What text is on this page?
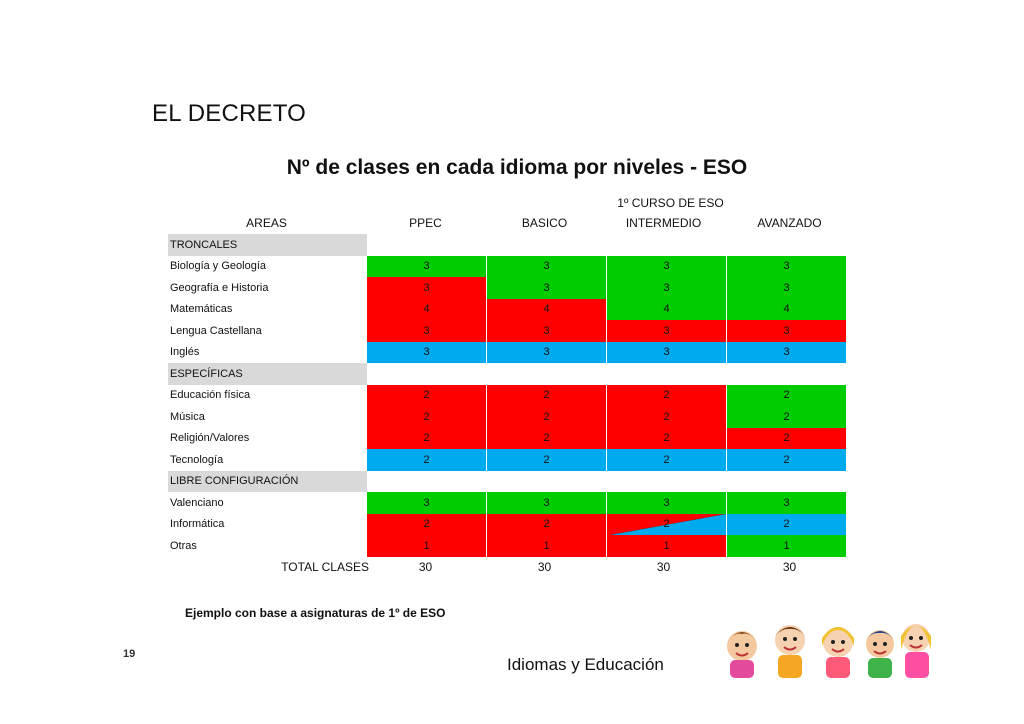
EL DECRETO
Nº de clases en cada idioma por niveles - ESO
1º CURSO DE ESO
AREAS	PPEC	BASICO	INTERMEDIO	AVANZADO
TRONCALES				
Biología y Geología	3	3	3	3
Geografía e Historia	3	3	3	3
Matemáticas	4	4	4	4
Lengua Castellana	3	3	3	3
Inglés	3	3	3	3
ESPECÍFICAS				
Educación física	2	2	2	2
Música	2	2	2	2
Religión/Valores	2	2	2	2
Tecnología	2	2	2	2
LIBRE CONFIGURACIÓN				
Valenciano	3	3	3	3
Informática	2	2	2	2
Otras	1	1	1	1
TOTAL CLASES	30	30	30	30
Ejemplo con base a asignaturas de 1º de ESO
19
Idiomas y Educación
